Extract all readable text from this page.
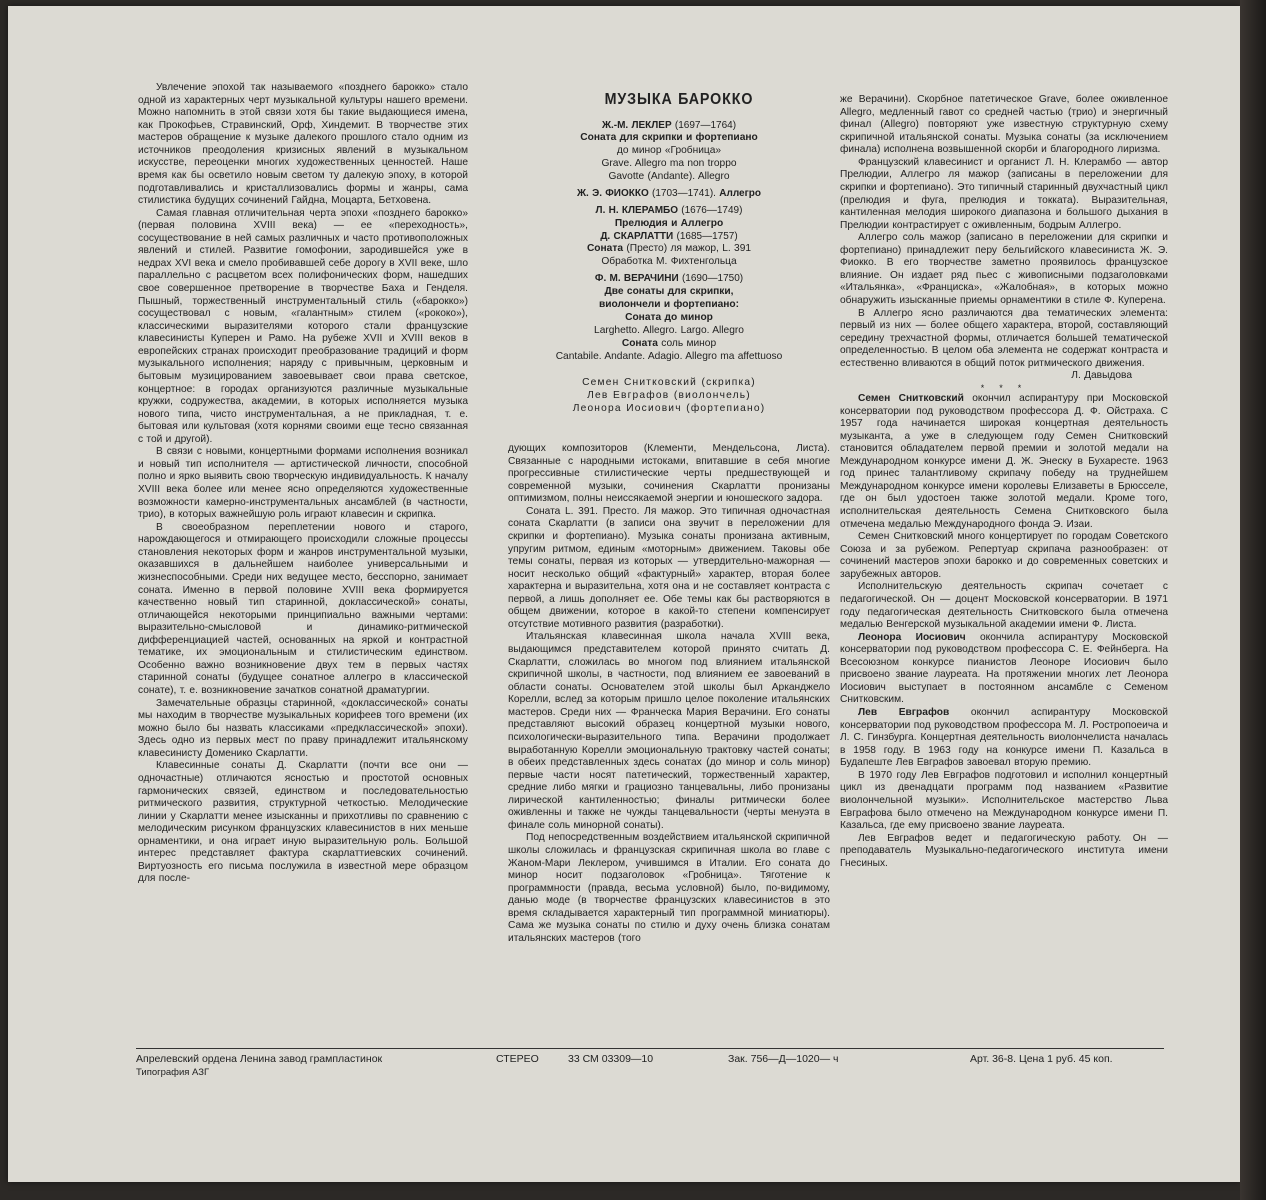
Увлечение эпохой так называемого «позднего барокко» стало одной из характерных черт музыкальной культуры нашего времени. Можно напомнить в этой связи хотя бы такие выдающиеся имена, как Прокофьев, Стравинский, Орф, Хиндемит. В творчестве этих мастеров обращение к музыке далекого прошлого стало одним из источников преодоления кризисных явлений в музыкальном искусстве, переоценки многих художественных ценностей. Наше время как бы осветило новым светом ту далекую эпоху, в которой подготавливались и кристаллизовались формы и жанры, сама стилистика будущих сочинений Гайдна, Моцарта, Бетховена.

Самая главная отличительная черта эпохи «позднего барокко» (первая половина XVIII века) — ее «переходность», сосуществование в ней самых различных и часто противоположных явлений и стилей. Развитие гомофонии, зародившейся уже в недрах XVI века и смело пробивавшей себе дорогу в XVII веке, шло параллельно с расцветом всех полифонических форм, нашедших свое совершенное претворение в творчестве Баха и Генделя. Пышный, торжественный инструментальный стиль («барокко») сосуществовал с новым, «галантным» стилем («рококо»), классическими выразителями которого стали французские клавесинисты Куперен и Рамо. На рубеже XVII и XVIII веков в европейских странах происходит преобразование традиций и форм музыкального исполнения; наряду с привычным, церковным и бытовым музицированием завоевывает свои права светское, концертное: в городах организуются различные музыкальные кружки, содружества, академии, в которых исполняется музыка нового типа, чисто инструментальная, а не прикладная, т. е. бытовая или культовая (хотя корнями своими еще тесно связанная с той и другой).

В связи с новыми, концертными формами исполнения возникал и новый тип исполнителя — артистической личности, способной полно и ярко выявить свою творческую индивидуальность. К началу XVIII века более или менее ясно определяются художественные возможности камерно-инструментальных ансамблей (в частности, трио), в которых важнейшую роль играют клавесин и скрипка.

В своеобразном переплетении нового и старого, нарождающегося и отмирающего происходили сложные процессы становления некоторых форм и жанров инструментальной музыки, оказавшихся в дальнейшем наиболее универсальными и жизнеспособными. Среди них ведущее место, бесспорно, занимает соната. Именно в первой половине XVIII века формируется качественно новый тип старинной, доклассической» сонаты, отличающейся некоторыми принципиально важными чертами: выразительно-смысловой и динамико-ритмической дифференциацией частей, основанных на яркой и контрастной тематике, их эмоциональным и стилистическим единством. Особенно важно возникновение двух тем в первых частях старинной сонаты (будущее сонатное аллегро в классической сонате), т. е. возникновение зачатков сонатной драматургии.

Замечательные образцы старинной, «доклассической» сонаты мы находим в творчестве музыкальных корифеев того времени (их можно было бы назвать классиками «предклассической» эпохи). Здесь одно из первых мест по праву принадлежит итальянскому клавесинисту Доменико Скарлатти.

Клавесинные сонаты Д. Скарлатти (почти все они — одночастные) отличаются ясностью и простотой основных гармонических связей, единством и последовательностью ритмического развития, структурной четкостью. Мелодические линии у Скарлатти менее изысканны и прихотливы по сравнению с мелодическим рисунком французских клавесинистов в них меньше орнаментики, и она играет иную выразительную роль. Большой интерес представляет фактура скарлаттиевских сочинений. Виртуозность его письма послужила в известной мере образцом для после-

МУЗЫКА БАРОККО
Ж.-М. ЛЕКЛЕР (1697—1764)
Соната для скрипки и фортепиано
до минор «Гробница»
Grave. Allegro ma non troppo
Gavotte (Andante). Allegro
Ж. Э. ФИОККО (1703—1741). Аллегро
Л. Н. КЛЕРАМБО (1676—1749)
Прелюдия и Аллегро
Д. СКАРЛАТТИ (1685—1757)
Соната (Престо) ля мажор, L. 391
Обработка М. Фихтенгольца
Ф. М. ВЕРАЧИНИ (1690—1750)
Две сонаты для скрипки,
виолончели и фортепиано:
Соната до минор
Larghetto. Allegro. Largo. Allegro
Соната соль минор
Cantabile. Andante. Adagio. Allegro ma affettuoso
Семен Снитковский (скрипка)
Лев Евграфов (виолончель)
Леонора Иосиович (фортепиано)

дующих композиторов (Клементи, Мендельсона, Листа). Связанные с народными истоками, впитавшие в себя многие прогрессивные стилистические черты предшествующей и современной музыки, сочинения Скарлатти пронизаны оптимизмом, полны неиссякаемой энергии и юношеского задора.

Соната L. 391. Престо. Ля мажор. Это типичная одночастная соната Скарлатти (в записи она звучит в переложении для скрипки и фортепиано). Музыка сонаты пронизана активным, упругим ритмом, единым «моторным» движением. Таковы обе темы сонаты, первая из которых — утвердительно-мажорная — носит несколько общий «фактурный» характер, вторая более характерна и выразительна, хотя она и не составляет контраста с первой, а лишь дополняет ее. Обе темы как бы растворяются в общем движении, которое в какой-то степени компенсирует отсутствие мотивного развития (разработки).

Итальянская клавесинная школа начала XVIII века, выдающимся представителем которой принято считать Д. Скарлатти, сложилась во многом под влиянием итальянской скрипичной школы, в частности, под влиянием ее завоеваний в области сонаты. Основателем этой школы был Арканджело Корелли, вслед за которым пришло целое поколение итальянских мастеров. Среди них — Франческа Мария Верачини. Его сонаты представляют высокий образец концертной музыки нового, психологически-выразительного типа. Верачини продолжает выработанную Корелли эмоциональную трактовку частей сонаты; в обеих представленных здесь сонатах (до минор и соль минор) первые части носят патетический, торжественный характер, средние либо мягки и грациозно танцевальны, либо пронизаны лирической кантиленностью; финалы ритмически более оживленны и также не чужды танцевальности (черты менуэта в финале соль минорной сонаты).

Под непосредственным воздействием итальянской скрипичной школы сложилась и французская скрипичная школа во главе с Жаном-Мари Леклером, учившимся в Италии. Его соната до минор носит подзаголовок «Гробница». Тяготение к программности (правда, весьма условной) было, по-видимому, данью моде (в творчестве французских клавесинистов в это время складывается характерный тип программной миниатюры). Сама же музыка сонаты по стилю и духу очень близка сонатам итальянских мастеров (того

же Верачини). Скорбное патетическое Grave, более оживленное Allegro, медленный гавот со средней частью (трио) и энергичный финал (Allegro) повторяют уже известную структурную схему скрипичной итальянской сонаты. Музыка сонаты (за исключением финала) исполнена возвышенной скорби и благородного лиризма.

Французский клавесинист и органист Л. Н. Клерамбо — автор Прелюдии, Аллегро ля мажор (записаны в переложении для скрипки и фортепиано). Это типичный старинный двухчастный цикл (прелюдия и фуга, прелюдия и токката). Выразительная, кантиленная мелодия широкого диапазона и большого дыхания в Прелюдии контрастирует с оживленным, бодрым Аллегро.

Аллегро соль мажор (записано в переложении для скрипки и фортепиано) принадлежит перу бельгийского клавесиниста Ж. Э. Фиокко. В его творчестве заметно проявилось французское влияние. Он издает ряд пьес с живописными подзаголовками «Итальянка», «Франциска», «Жалобная», в которых можно обнаружить изысканные приемы орнаментики в стиле Ф. Куперена.

В Аллегро ясно различаются два тематических элемента: первый из них — более общего характера, второй, составляющий середину трехчастной формы, отличается большей тематической определенностью. В целом оба элемента не содержат контраста и естественно вливаются в общий поток ритмического движения.

Л. Давыдова
* * *

Семен Снитковский окончил аспирантуру при Московской консерватории под руководством профессора Д. Ф. Ойстраха. С 1957 года начинается широкая концертная деятельность музыканта, а уже в следующем году Семен Снитковский становится обладателем первой премии и золотой медали на Международном конкурсе имени Д. Ж. Энеску в Бухаресте. 1963 год принес талантливому скрипачу победу на труднейшем Международном конкурсе имени королевы Елизаветы в Брюсселе, где он был удостоен также золотой медали. Кроме того, исполнительская деятельность Семена Снитковского была отмечена медалью Международного фонда Э. Изаи.

Семен Снитковский много концертирует по городам Советского Союза и за рубежом. Репертуар скрипача разнообразен: от сочинений мастеров эпохи барокко и до современных советских и зарубежных авторов.

Исполнительскую деятельность скрипач сочетает с педагогической. Он — доцент Московской консерватории. В 1971 году педагогическая деятельность Снитковского была отмечена медалью Венгерской музыкальной академии имени Ф. Листа.

Леонора Иосиович окончила аспирантуру Московской консерватории под руководством профессора С. Е. Фейнберга. На Всесоюзном конкурсе пианистов Леоноре Иосиович было присвоено звание лауреата. На протяжении многих лет Леонора Иосиович выступает в постоянном ансамбле с Семеном Снитковским.

Лев Евграфов окончил аспирантуру Московской консерватории под руководством профессора М. Л. Ростропоеича и Л. С. Гинзбурга. Концертная деятельность виолончелиста началась в 1958 году. В 1963 году на конкурсе имени П. Казальса в Будапеште Лев Евграфов завоевал вторую премию.

В 1970 году Лев Евграфов подготовил и исполнил концертный цикл из двенадцати программ под названием «Развитие виолончельной музыки». Исполнительское мастерство Льва Евграфова было отмечено на Международном конкурсе имени П. Казальса, где ему присвоено звание лауреата.

Лев Евграфов ведет и педагогическую работу. Он — преподаватель Музыкально-педагогического института имени Гнесиных.

Апрелевский ордена Ленина завод грампластинок
Типография АЗГ
СТЕРЕО	33 СМ 03309—10	Зак. 756—Д—1020— ч	Арт. 36-8. Цена 1 руб. 45 коп.
